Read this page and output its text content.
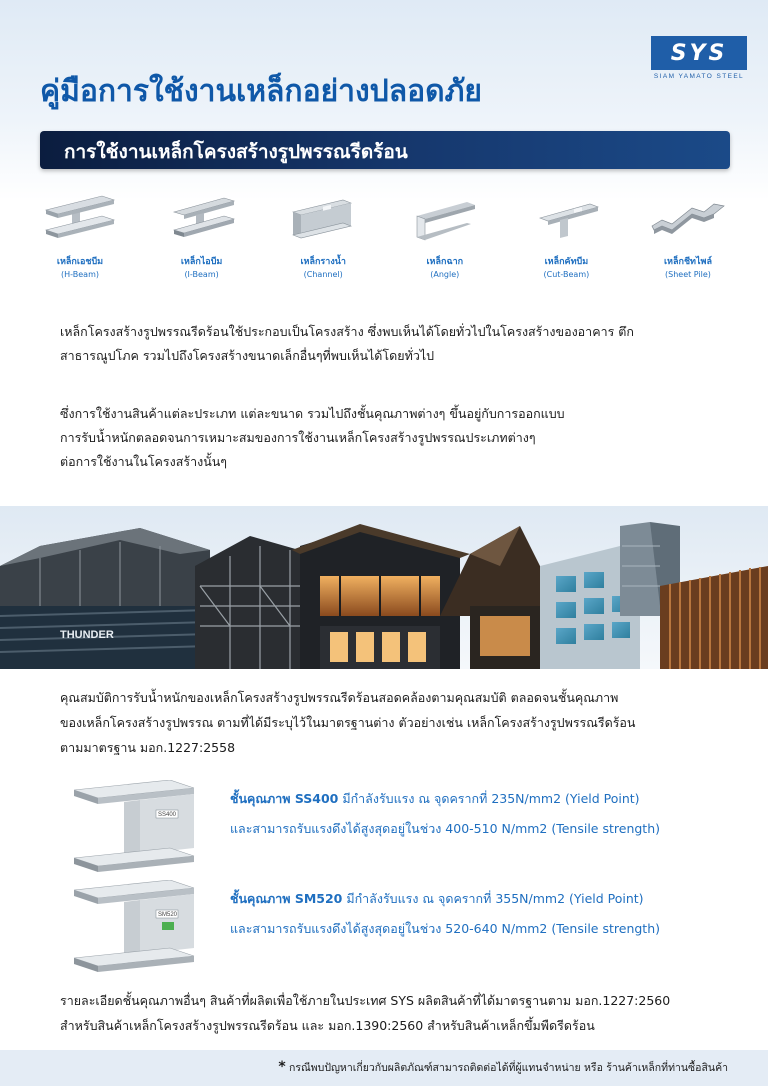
SYS
SIAM YAMATO STEEL
คู่มือการใช้งานเหล็กอย่างปลอดภัย
การใช้งานเหล็กโครงสร้างรูปพรรณรีดร้อน
เหล็กเอชบีม
(H-Beam)
เหล็กไอบีม
(I-Beam)
เหล็กรางน้ำ
(Channel)
เหล็กฉาก
(Angle)
เหล็กคัทบีม
(Cut-Beam)
เหล็กชีทไพล์
(Sheet Pile)

เหล็กโครงสร้างรูปพรรณรีดร้อนใช้ประกอบเป็นโครงสร้าง ซึ่งพบเห็นได้โดยทั่วไปในโครงสร้างของอาคาร ตึก

สาธารณูปโภค รวมไปถึงโครงสร้างขนาดเล็กอื่นๆที่พบเห็นได้โดยทั่วไป

ซึ่งการใช้งานสินค้าแต่ละประเภท แต่ละขนาด รวมไปถึงชั้นคุณภาพต่างๆ ขึ้นอยู่กับการออกแบบ

การรับน้ำหนักตลอดจนการเหมาะสมของการใช้งานเหล็กโครงสร้างรูปพรรณประเภทต่างๆ

ต่อการใช้งานในโครงสร้างนั้นๆ

THUNDER

คุณสมบัติการรับน้ำหนักของเหล็กโครงสร้างรูปพรรณรีดร้อนสอดคล้องตามคุณสมบัติ ตลอดจนชั้นคุณภาพ

ของเหล็กโครงสร้างรูปพรรณ ตามที่ได้มีระบุไว้ในมาตรฐานต่าง ตัวอย่างเช่น เหล็กโครงสร้างรูปพรรณรีดร้อน

ตามมาตรฐาน มอก.1227:2558

SS400

ชั้นคุณภาพ SS400 มีกำลังรับแรง ณ จุดครากที่ 235N/mm2 (Yield Point)

และสามารถรับแรงดึงได้สูงสุดอยู่ในช่วง 400-510 N/mm2 (Tensile strength)

SM520

ชั้นคุณภาพ SM520 มีกำลังรับแรง ณ จุดครากที่ 355N/mm2 (Yield Point)

และสามารถรับแรงดึงได้สูงสุดอยู่ในช่วง 520-640 N/mm2 (Tensile strength)

รายละเอียดชั้นคุณภาพอื่นๆ สินค้าที่ผลิตเพื่อใช้ภายในประเทศ SYS ผลิตสินค้าที่ได้มาตรฐานตาม มอก.1227:2560

สำหรับสินค้าเหล็กโครงสร้างรูปพรรณรีดร้อน และ มอก.1390:2560 สำหรับสินค้าเหล็กขึ้มพืดรีดร้อน

* กรณีพบปัญหาเกี่ยวกับผลิตภัณฑ์สามารถติดต่อได้ที่ผู้แทนจำหน่าย หรือ ร้านค้าเหล็กที่ท่านซื้อสินค้า
